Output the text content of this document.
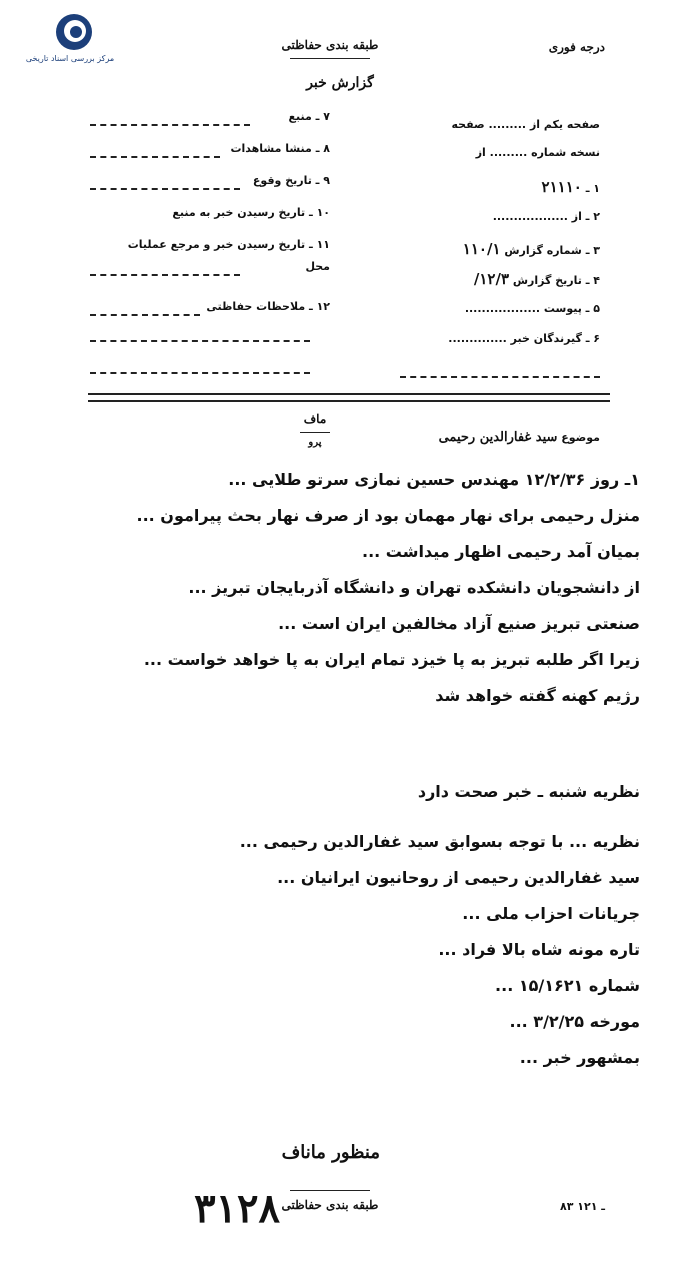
مرکز بررسی اسناد تاریخی
طبقه بندی حفاظتی
گزارش خبر
درجه فوری
صفحه یکم از ......... صفحه
نسخه شماره ......... از
۱ ـ ۲۱۱۱۰
۲ ـ از ..................
۳ ـ شماره گزارش ۱۱۰/۱
۴ ـ تاریخ گزارش ۱۲/۳/
۵ ـ پیوست ..................
۶ ـ گیرندگان خبر ..............
۷ ـ منبع
۸ ـ منشا مشاهدات
۹ ـ تاریخ وقوع
۱۰ ـ تاریخ رسیدن خبر به منبع
۱۱ ـ تاریخ رسیدن خبر و مرجع عملیات
محل
۱۲ ـ ملاحظات حفاظتی
ماف
پرو	موضوع سید غفارالدین رحیمی
۱ـ روز ۱۲/۲/۳۶ مهندس حسین نمازی سرتو طلایی ...
منزل رحیمی برای نهار مهمان بود از صرف نهار بحث پیرامون ...
بمیان آمد رحیمی اظهار میداشت ...
از دانشجویان دانشکده تهران و دانشگاه آذربایجان تبریز ...
صنعتی تبریز صنیع آزاد مخالفین ایران است ...
زیرا اگر طلبه تبریز به پا خیزد تمام ایران به پا خواهد خواست ...
رژیم کهنه گفته خواهد شد
نظریه شنبه ـ خبر صحت دارد
نظریه ... با توجه بسوابق سید غفارالدین رحیمی ...
سید غفارالدین رحیمی از روحانیون ایرانیان ...
جریانات احزاب ملی ...
تاره مونه شاه بالا فراد ...
شماره ۱۵/۱۶۲۱ ...
مورخه ۳/۲/۲۵ ...
بمشهور خبر ...
منظور ماناف
طبقه بندی حفاظتی	۸۳ ـ ۱۲۱
۳۱۲۸
